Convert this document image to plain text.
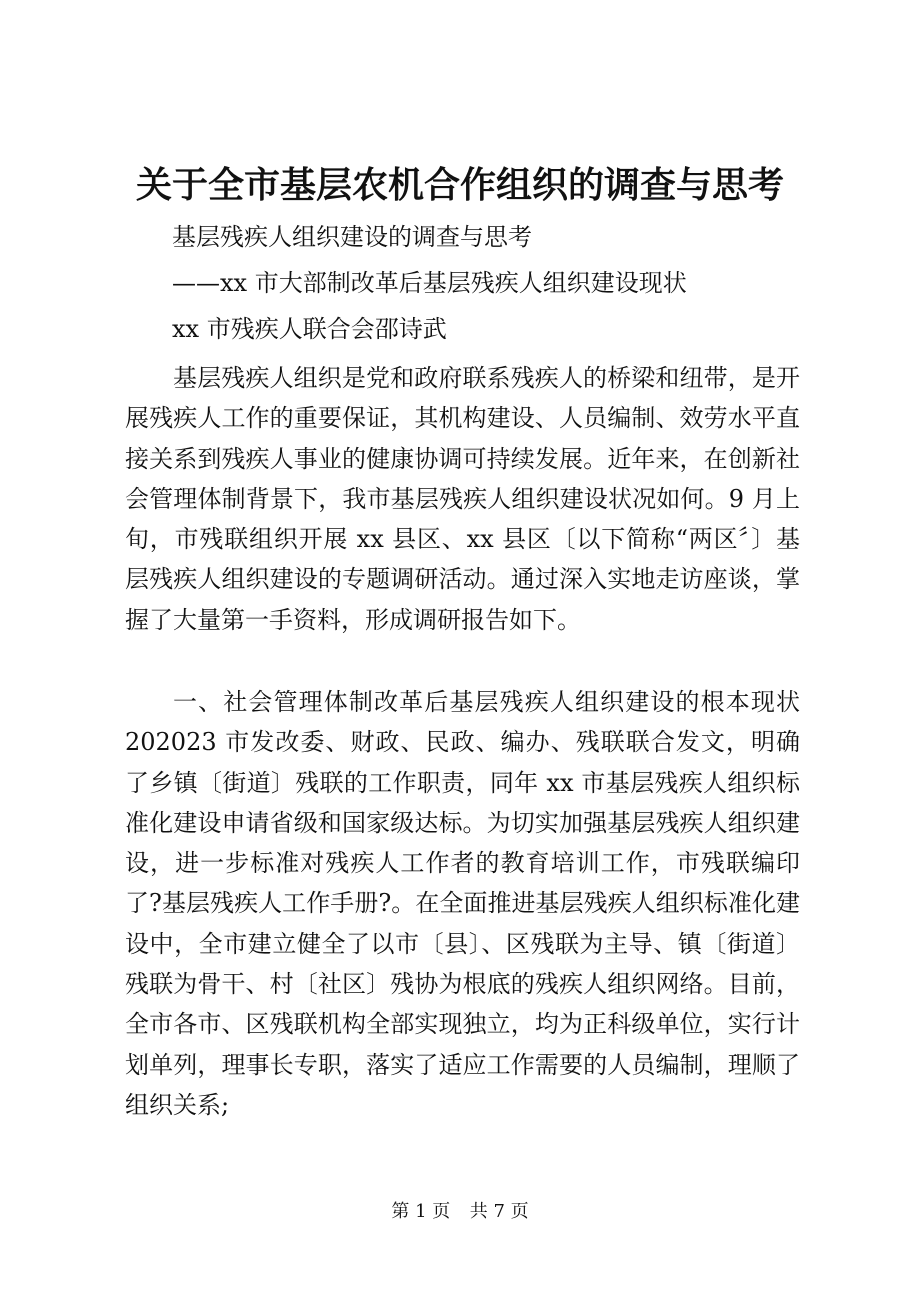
关于全市基层农机合作组织的调查与思考
基层残疾人组织建设的调查与思考
——xx 市大部制改革后基层残疾人组织建设现状
xx 市残疾人联合会邵诗武

基层残疾人组织是党和政府联系残疾人的桥梁和纽带，是开展残疾人工作的重要保证，其机构建设、人员编制、效劳水平直接关系到残疾人事业的健康协调可持续发展。近年来，在创新社会管理体制背景下，我市基层残疾人组织建设状况如何。9 月上旬，市残联组织开展 xx 县区、xx 县区〔以下简称“两区〞〕基层残疾人组织建设的专题调研活动。通过深入实地走访座谈，掌握了大量第一手资料，形成调研报告如下。

一、社会管理体制改革后基层残疾人组织建设的根本现状 202023 市发改委、财政、民政、编办、残联联合发文，明确了乡镇〔街道〕残联的工作职责，同年 xx 市基层残疾人组织标准化建设申请省级和国家级达标。为切实加强基层残疾人组织建设，进一步标准对残疾人工作者的教育培训工作，市残联编印了?基层残疾人工作手册?。在全面推进基层残疾人组织标准化建设中，全市建立健全了以市〔县〕、区残联为主导、镇〔街道〕残联为骨干、村〔社区〕残协为根底的残疾人组织网络。目前，全市各市、区残联机构全部实现独立，均为正科级单位，实行计划单列，理事长专职，落实了适应工作需要的人员编制，理顺了组织关系;

第 1 页 共 7 页
